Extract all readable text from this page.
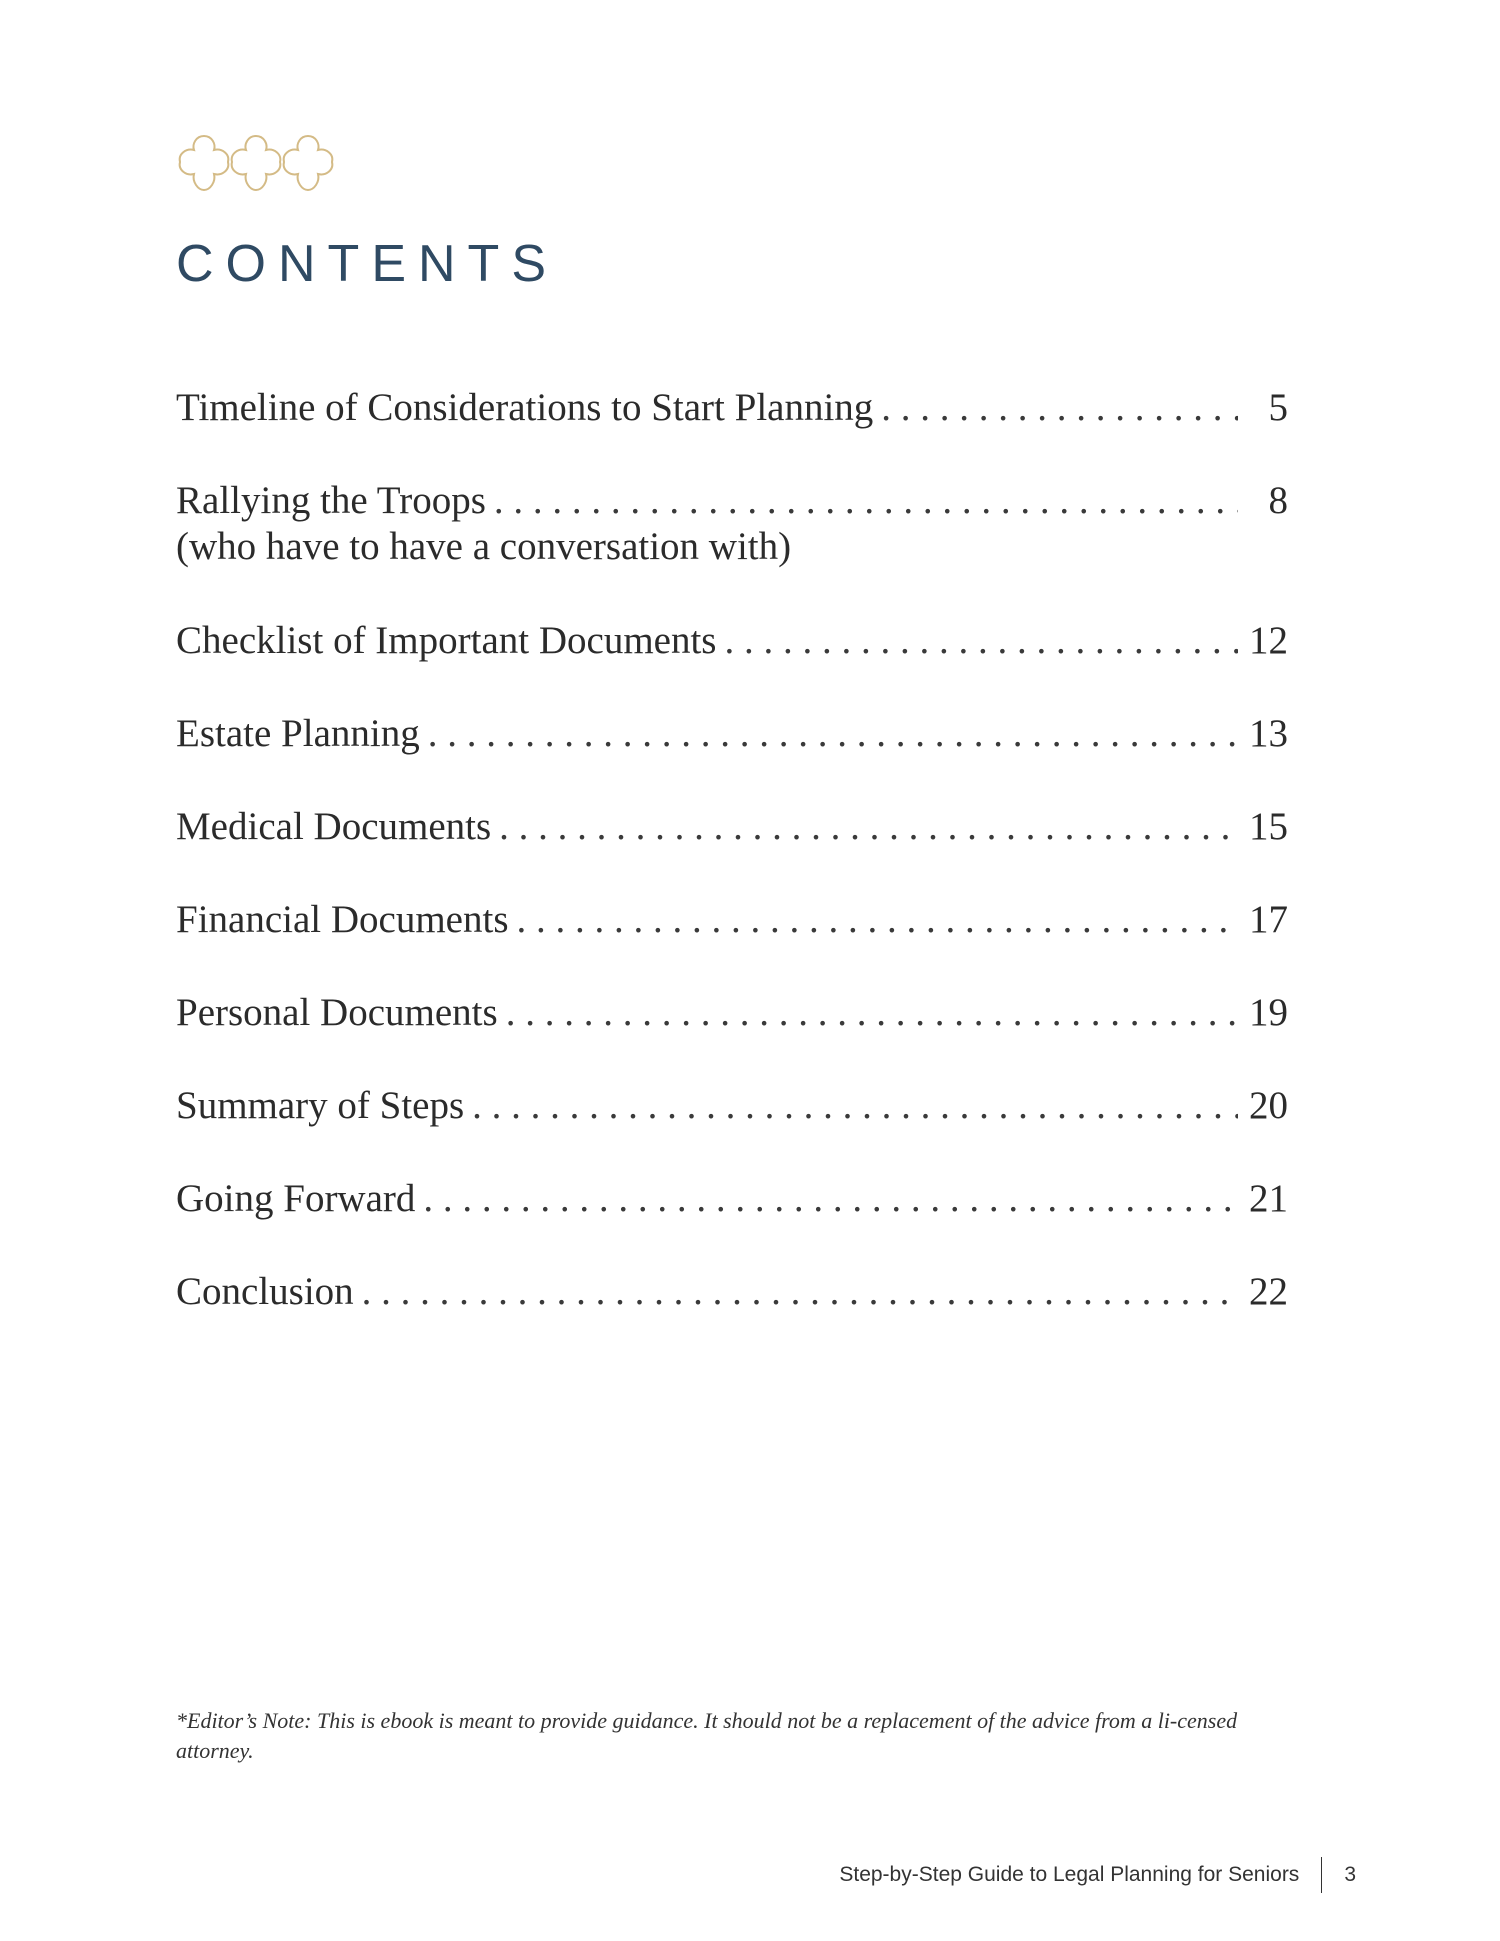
CONTENTS
Timeline of Considerations to Start Planning . . .	5
Rallying the Troops . . .	8
(who have to have a conversation with)
Checklist of Important Documents . . .	12
Estate Planning . . .	13
Medical Documents . . .	15
Financial Documents . . .	17
Personal Documents . . .	19
Summary of Steps . . .	20
Going Forward . . .	21
Conclusion . . .	22

*Editor’s Note: This is ebook is meant to provide guidance. It should not be a replacement of the advice from a li-censed attorney.

Step-by-Step Guide to Legal Planning for Seniors 3
